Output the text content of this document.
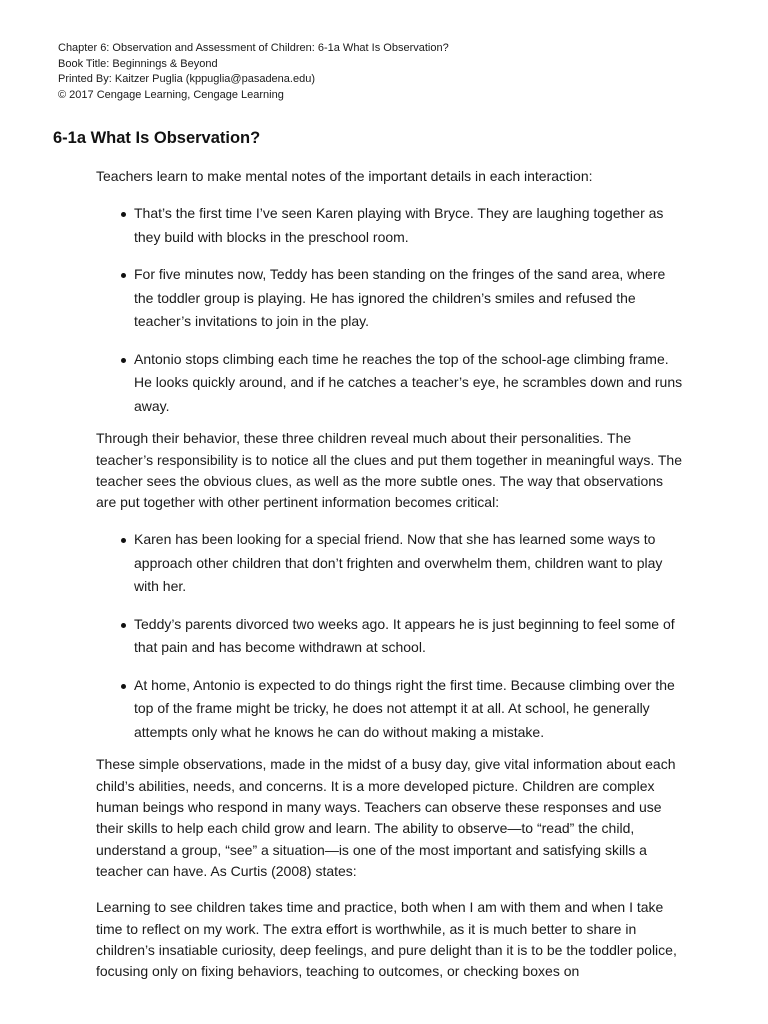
Chapter 6: Observation and Assessment of Children: 6-1a What Is Observation?
Book Title: Beginnings & Beyond
Printed By: Kaitzer Puglia (kppuglia@pasadena.edu)
© 2017 Cengage Learning, Cengage Learning
6-1a What Is Observation?

Teachers learn to make mental notes of the important details in each interaction:

That’s the first time I’ve seen Karen playing with Bryce. They are laughing together as they build with blocks in the preschool room.
For five minutes now, Teddy has been standing on the fringes of the sand area, where the toddler group is playing. He has ignored the children’s smiles and refused the teacher’s invitations to join in the play.
Antonio stops climbing each time he reaches the top of the school-age climbing frame. He looks quickly around, and if he catches a teacher’s eye, he scrambles down and runs away.

Through their behavior, these three children reveal much about their personalities. The teacher’s responsibility is to notice all the clues and put them together in meaningful ways. The teacher sees the obvious clues, as well as the more subtle ones. The way that observations are put together with other pertinent information becomes critical:

Karen has been looking for a special friend. Now that she has learned some ways to approach other children that don’t frighten and overwhelm them, children want to play with her.
Teddy’s parents divorced two weeks ago. It appears he is just beginning to feel some of that pain and has become withdrawn at school.
At home, Antonio is expected to do things right the first time. Because climbing over the top of the frame might be tricky, he does not attempt it at all. At school, he generally attempts only what he knows he can do without making a mistake.

These simple observations, made in the midst of a busy day, give vital information about each child’s abilities, needs, and concerns. It is a more developed picture. Children are complex human beings who respond in many ways. Teachers can observe these responses and use their skills to help each child grow and learn. The ability to observe—to “read” the child, understand a group, “see” a situation—is one of the most important and satisfying skills a teacher can have. As Curtis (2008) states:

Learning to see children takes time and practice, both when I am with them and when I take time to reflect on my work. The extra effort is worthwhile, as it is much better to share in children’s insatiable curiosity, deep feelings, and pure delight than it is to be the toddler police, focusing only on fixing behaviors, teaching to outcomes, or checking boxes on
